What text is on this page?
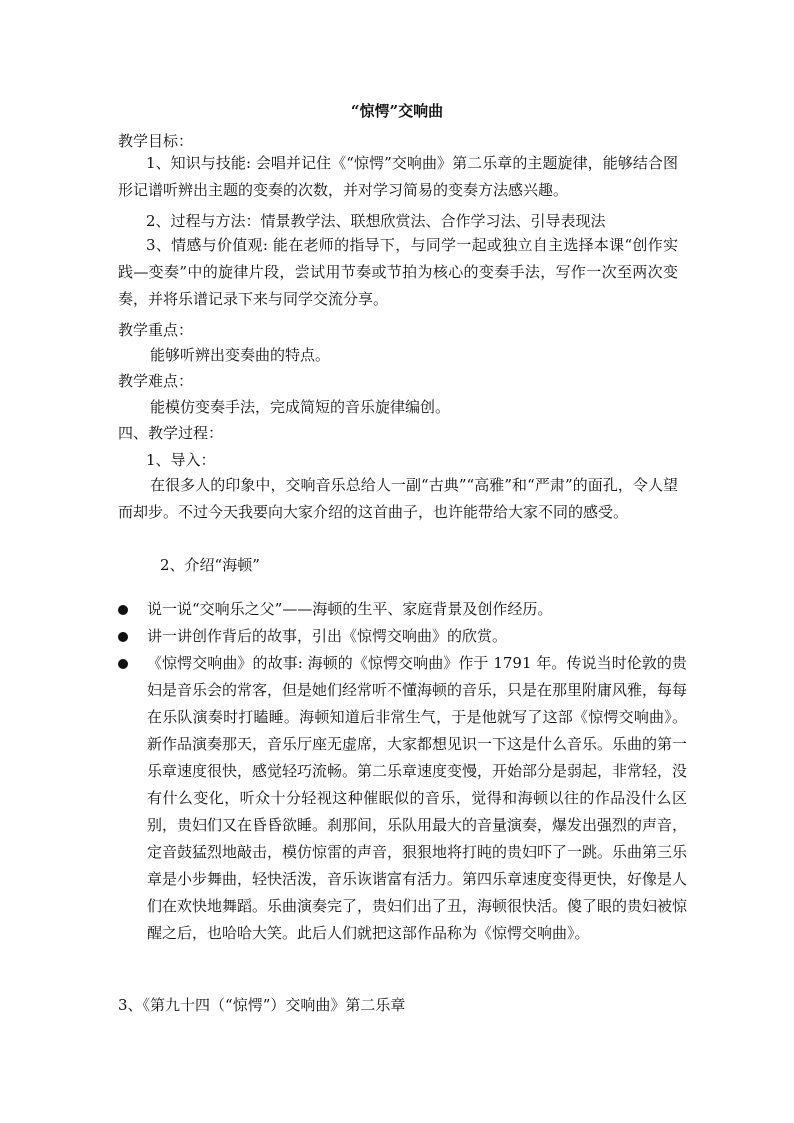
“惊愕”交响曲
教学目标：
1、知识与技能: 会唱并记住《“惊愕”交响曲》第二乐章的主题旋律，能够结合图形记谱听辨出主题的变奏的次数，并对学习简易的变奏方法感兴趣。
2、过程与方法：情景教学法、联想欣赏法、合作学习法、引导表现法
3、情感与价值观: 能在老师的指导下，与同学一起或独立自主选择本课“创作实践—变奏”中的旋律片段，尝试用节奏或节拍为核心的变奏手法，写作一次至两次变奏，并将乐谱记录下来与同学交流分享。
教学重点：
能够听辨出变奏曲的特点。
教学难点：
能模仿变奏手法，完成简短的音乐旋律编创。
四、教学过程：
1、导入：
在很多人的印象中，交响音乐总给人一副“古典”“高雅”和“严肃”的面孔，令人望而却步。不过今天我要向大家介绍的这首曲子，也许能带给大家不同的感受。
2、介绍“海顿”
说一说“交响乐之父”——海顿的生平、家庭背景及创作经历。
讲一讲创作背后的故事，引出《惊愕交响曲》的欣赏。
《惊愕交响曲》的故事: 海顿的《惊愕交响曲》作于 1791 年。传说当时伦敦的贵妇是音乐会的常客，但是她们经常听不懂海顿的音乐，只是在那里附庸风雅，每每在乐队演奏时打瞌睡。海顿知道后非常生气，于是他就写了这部《惊愕交响曲》。新作品演奏那天，音乐厅座无虚席，大家都想见识一下这是什么音乐。乐曲的第一乐章速度很快，感觉轻巧流畅。第二乐章速度变慢，开始部分是弱起，非常轻，没有什么变化，听众十分轻视这种催眠似的音乐，觉得和海顿以往的作品没什么区别，贵妇们又在昏昏欲睡。刹那间，乐队用最大的音量演奏，爆发出强烈的声音，定音鼓猛烈地敲击，模仿惊雷的声音，狠狠地将打盹的贵妇吓了一跳。乐曲第三乐章是小步舞曲，轻快活泼，音乐诙谐富有活力。第四乐章速度变得更快，好像是人们在欢快地舞蹈。乐曲演奏完了，贵妇们出了丑，海顿很快活。傻了眼的贵妇被惊醒之后，也哈哈大笑。此后人们就把这部作品称为《惊愕交响曲》。
3、《第九十四（“惊愕”）交响曲》第二乐章
